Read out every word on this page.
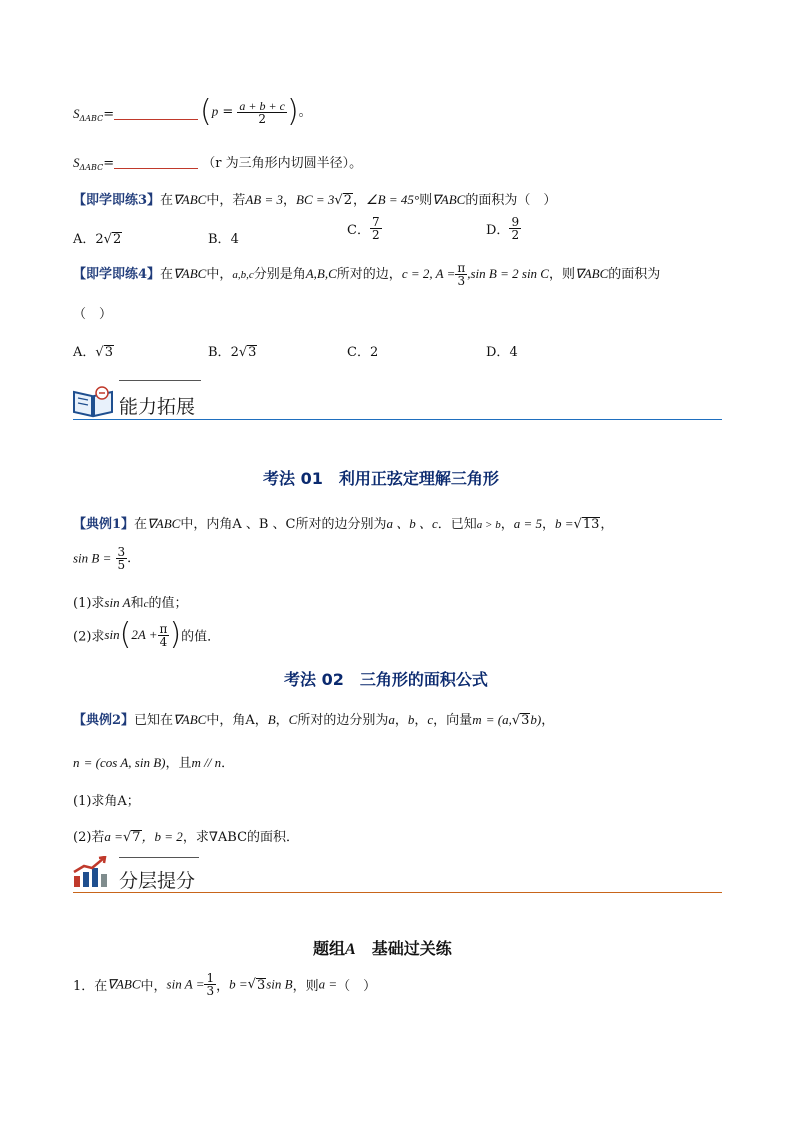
$S_{\Delta ABC}=$	($p = \frac{a + b + c}{2}$ )。
$S_{\Delta ABC}=$	（r 为三角形内切圆半径）。
【即学即练3】在∇ABC中，若AB = 3，BC = 3√2，∠B = 45°则∇ABC的面积为（　）
A．2√2	B．4
C． $\frac{7}{2}$	D． $\frac{9}{2}$
【即学即练4】在∇ABC中，a,b,c分别是角A,B,C所对的边，c = 2, $A = \frac{\pi}{3} ,\sin$ B = 2 sin C，则∇ABC的面积为
（　）
A．√3	B．2√3	C．2	D．4
能力拓展
考法 01　利用正弦定理解三角形
【典例1】在∇ABC中，内角A 、B 、C所对的边分别为a 、b 、c．已知a > b，a = 5，b =√13，
$\sin B = \frac{3}{5}$ ．
(1)求sin A和c的值；
(2)求$\sin(2A + \frac{\pi}{4}$ )的值．
考法 02　三角形的面积公式
【典例2】已知在∇ABC中，角A，B，C所对的边分别为a，b，c，向量m = (a,√3b)，
n = (cos A, sin B)，且m // n．
(1)求角A；
(2)若a =√7，b = 2，求∇ABC的面积．
分层提分
题组A　基础过关练
1．在∇ABC中，$\sin A = \frac{1}{3}$ ，b =√3sin B，则a =（　）
